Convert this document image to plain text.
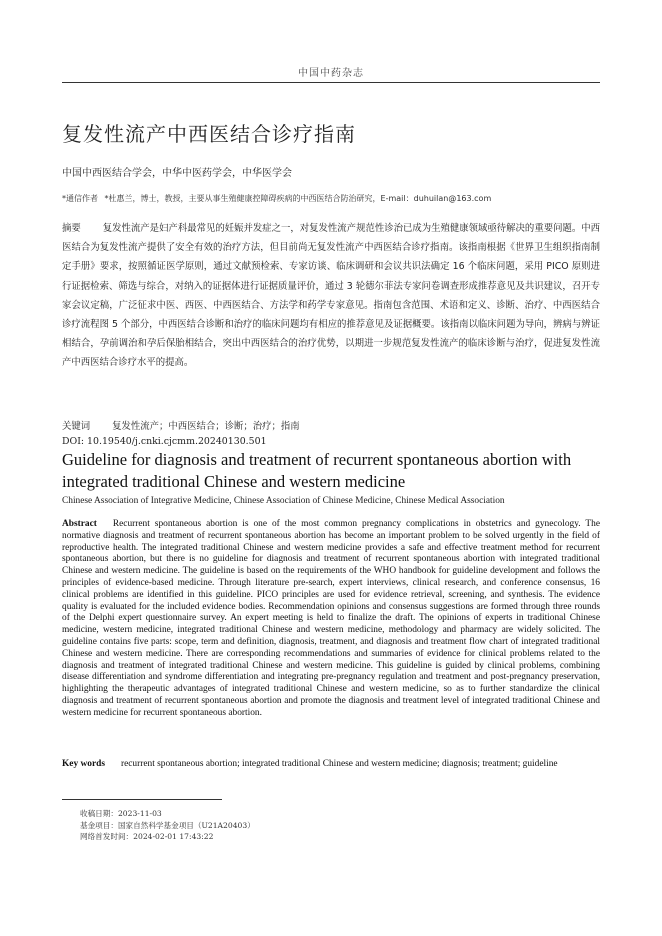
中国中药杂志
复发性流产中西医结合诊疗指南
中国中西医结合学会，中华中医药学会，中华医学会
*通信作者 *杜惠兰，博士，教授，主要从事生殖健康控障碍疾病的中西医结合防治研究，E-mail：duhuilan@163.com
摘要 复发性流产是妇产科最常见的妊娠并发症之一，对复发性流产规范性诊治已成为生殖健康领域亟待解决的重要问题。中西医结合为复发性流产提供了安全有效的治疗方法，但目前尚无复发性流产中西医结合诊疗指南。该指南根据《世界卫生组织指南制定手册》要求，按照循证医学原则，通过文献预检索、专家访谈、临床调研和会议共识法确定 16 个临床问题，采用 PICO 原则进行证据检索、筛选与综合，对纳入的证据体进行证据质量评价，通过 3 轮德尔菲法专家问卷调查形成推荐意见及共识建议，召开专家会议定稿，广泛征求中医、西医、中西医结合、方法学和药学专家意见。指南包含范围、术语和定义、诊断、治疗、中西医结合诊疗流程图 5 个部分，中西医结合诊断和治疗的临床问题均有相应的推荐意见及证据概要。该指南以临床问题为导向，辨病与辨证相结合，孕前调治和孕后保胎相结合，突出中西医结合的治疗优势，以期进一步规范复发性流产的临床诊断与治疗，促进复发性流产中西医结合诊疗水平的提高。
关键词 复发性流产；中西医结合；诊断；治疗；指南
DOI: 10.19540/j.cnki.cjcmm.20240130.501
Guideline for diagnosis and treatment of recurrent spontaneous abortion with integrated traditional Chinese and western medicine
Chinese Association of Integrative Medicine, Chinese Association of Chinese Medicine, Chinese Medical Association
Abstract Recurrent spontaneous abortion is one of the most common pregnancy complications in obstetrics and gynecology. The normative diagnosis and treatment of recurrent spontaneous abortion has become an important problem to be solved urgently in the field of reproductive health. The integrated traditional Chinese and western medicine provides a safe and effective treatment method for recurrent spontaneous abortion, but there is no guideline for diagnosis and treatment of recurrent spontaneous abortion with integrated traditional Chinese and western medicine. The guideline is based on the requirements of the WHO handbook for guideline development and follows the principles of evidence-based medicine. Through literature pre-search, expert interviews, clinical research, and conference consensus, 16 clinical problems are identified in this guideline. PICO principles are used for evidence retrieval, screening, and synthesis. The evidence quality is evaluated for the included evidence bodies. Recommendation opinions and consensus suggestions are formed through three rounds of the Delphi expert questionnaire survey. An expert meeting is held to finalize the draft. The opinions of experts in traditional Chinese medicine, western medicine, integrated traditional Chinese and western medicine, methodology and pharmacy are widely solicited. The guideline contains five parts: scope, term and definition, diagnosis, treatment, and diagnosis and treatment flow chart of integrated traditional Chinese and western medicine. There are corresponding recommendations and summaries of evidence for clinical problems related to the diagnosis and treatment of integrated traditional Chinese and western medicine. This guideline is guided by clinical problems, combining disease differentiation and syndrome differentiation and integrating pre-pregnancy regulation and treatment and post-pregnancy preservation, highlighting the therapeutic advantages of integrated traditional Chinese and western medicine, so as to further standardize the clinical diagnosis and treatment of recurrent spontaneous abortion and promote the diagnosis and treatment level of integrated traditional Chinese and western medicine for recurrent spontaneous abortion.
Key words recurrent spontaneous abortion; integrated traditional Chinese and western medicine; diagnosis; treatment; guideline
收稿日期：2023-11-03
基金项目：国家自然科学基金项目（U21A20403）
网络首发时间：2024-02-01 17:43:22
